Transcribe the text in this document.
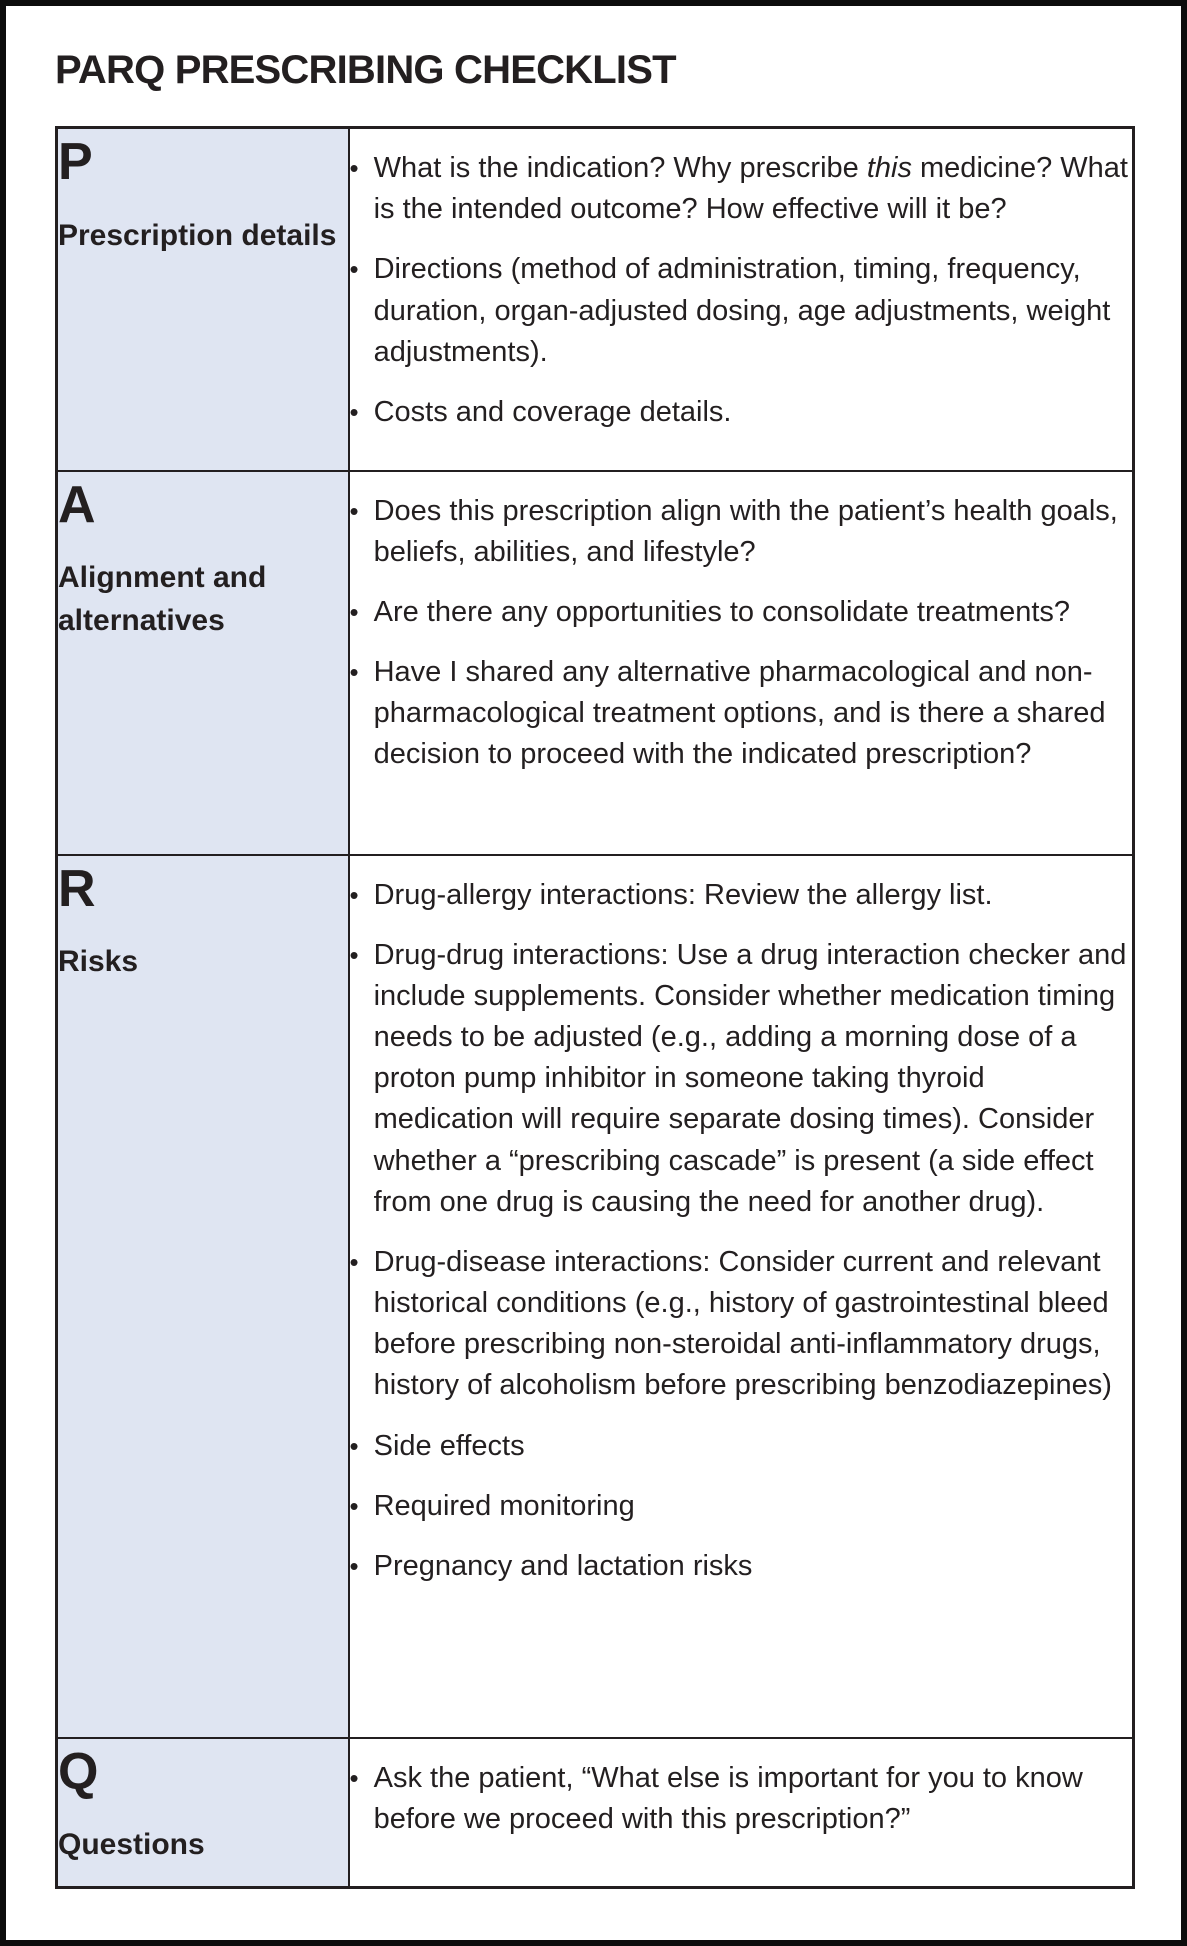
PARQ PRESCRIBING CHECKLIST
P
Prescription details

• What is the indication? Why prescribe this medicine? What is the intended outcome? How effective will it be?
• Directions (method of administration, timing, frequency, duration, organ-adjusted dosing, age adjustments, weight adjustments).
• Costs and coverage details.

A
Alignment and alternatives

• Does this prescription align with the patient’s health goals, beliefs, abilities, and lifestyle?
• Are there any opportunities to consolidate treatments?
• Have I shared any alternative pharmacological and non-pharmacological treatment options, and is there a shared decision to proceed with the indicated prescription?

R
Risks

• Drug-allergy interactions: Review the allergy list.
• Drug-drug interactions: Use a drug interaction checker and include supplements. Consider whether medication timing needs to be adjusted (e.g., adding a morning dose of a proton pump inhibitor in someone taking thyroid medication will require separate dosing times). Consider whether a “prescribing cascade” is present (a side effect from one drug is causing the need for another drug).
• Drug-disease interactions: Consider current and relevant historical conditions (e.g., history of gastrointestinal bleed before prescribing non-steroidal anti-inflammatory drugs, history of alcoholism before prescribing benzodiazepines)
• Side effects
• Required monitoring
• Pregnancy and lactation risks

Q
Questions

• Ask the patient, “What else is important for you to know before we proceed with this prescription?”
